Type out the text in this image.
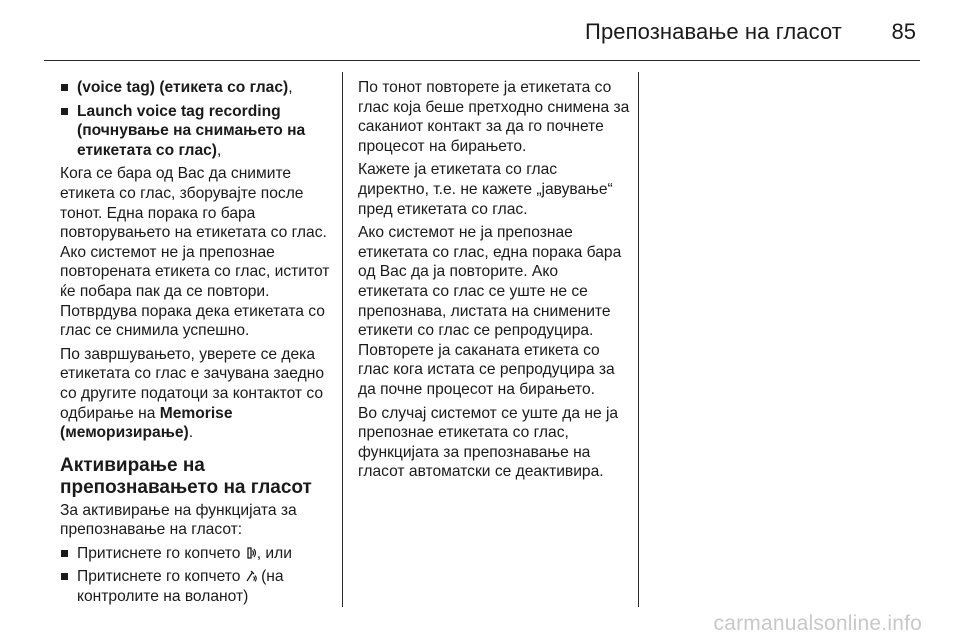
Препознавање на гласот 85
(voice tag) (етикета со глас),
Launch voice tag recording (почнување на снимањето на етикетата со глас),

Кога се бара од Вас да снимите етикета со глас, зборувајте после тонот. Една порака го бара повторувањето на етикетата со глас. Ако системот не ја препознае повторената етикета со глас, иститот ќе побара пак да се повтори. Потврдува порака дека етикетата со глас се снимила успешно.

По завршувањето, уверете се дека етикетата со глас е зачувана заедно со другите податоци за контактот со одбирање на Memorise (меморизирање).

Активирање на препознавањето на гласот

За активирање на функцијата за препознавање на гласот:

Притиснете го копчето , или
Притиснете го копчето (на контролите на воланот)

По тонот повторете ја етикетата со глас која беше претходно снимена за саканиот контакт за да го почнете процесот на бирањето.

Кажете ја етикетата со глас директно, т.е. не кажете „јавување“ пред етикетата со глас.

Ако системот не ја препознае етикетата со глас, една порака бара од Вас да ја повторите. Ако етикетата со глас се уште не се препознава, листата на снимените етикети со глас се репродуцира. Повторете ја саканата етикета со глас кога истата се репродуцира за да почне процесот на бирањето.

Во случај системот се уште да не ја препознае етикетата со глас, функцијата за препознавање на гласот автоматски се деактивира.

carmanualsonline.info
